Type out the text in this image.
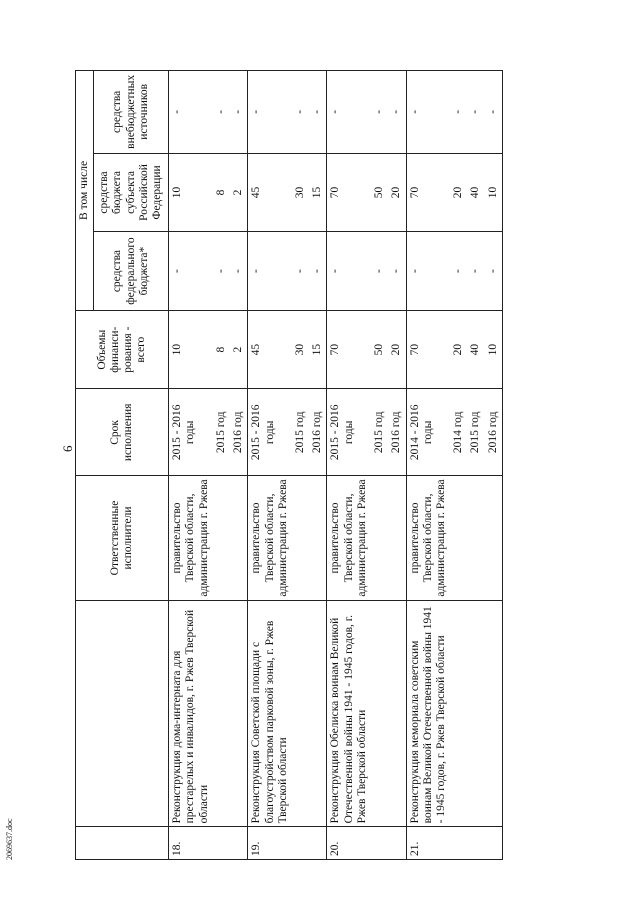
6
2069637.doc
		Ответственные исполнители	Срок исполнения	Объемы финанси-рования - всего	В том числе		
					средства федерального бюджета*	средства бюджета субъекта Российской Федерации	средства внебюджетных источников
18.	Реконструкция дома-интерната для престарелых и инвалидов, г. Ржев Тверской области	правительство Тверской области, администрация г. Ржева	2015 - 2016 годы	10	-	10	-
			2015 год	8	-	8	-
			2016 год	2	-	2	-
19.	Реконструкция Советской площади с благоустройством парковой зоны, г. Ржев Тверской области	правительство Тверской области, администрация г. Ржева	2015 - 2016 годы	45	-	45	-
			2015 год	30	-	30	-
			2016 год	15	-	15	-
20.	Реконструкция Обелиска воинам Великой Отечественной войны 1941 - 1945 годов, г. Ржев Тверской области	правительство Тверской области, администрация г. Ржева	2015 - 2016 годы	70	-	70	-
			2015 год	50	-	50	-
			2016 год	20	-	20	-
21.	Реконструкция мемориала советским воинам Великой Отечественной войны 1941 - 1945 годов, г. Ржев Тверской области	правительство Тверской области, администрация г. Ржева	2014 - 2016 годы	70	-	70	-
			2014 год	20	-	20	-
			2015 год	40	-	40	-
			2016 год	10	-	10	-
